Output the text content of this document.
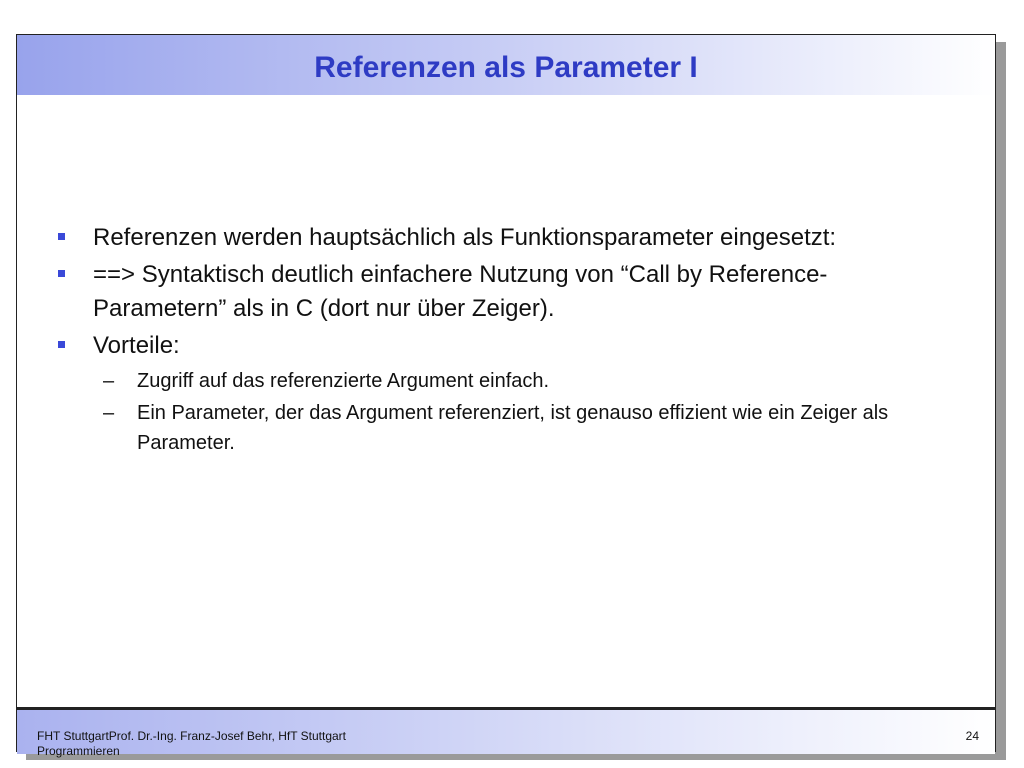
Referenzen als Parameter I
Referenzen werden hauptsächlich als Funktionsparameter eingesetzt:
==> Syntaktisch deutlich einfachere Nutzung von “Call by Reference-Parametern” als in C (dort nur über Zeiger).
Vorteile:
– Zugriff auf das referenzierte Argument einfach.
– Ein Parameter, der das Argument referenziert, ist genauso effizient wie ein Zeiger als Parameter.
FHT StuttgartProf. Dr.-Ing. Franz-Josef Behr, HfT Stuttgart
Programmieren
24
